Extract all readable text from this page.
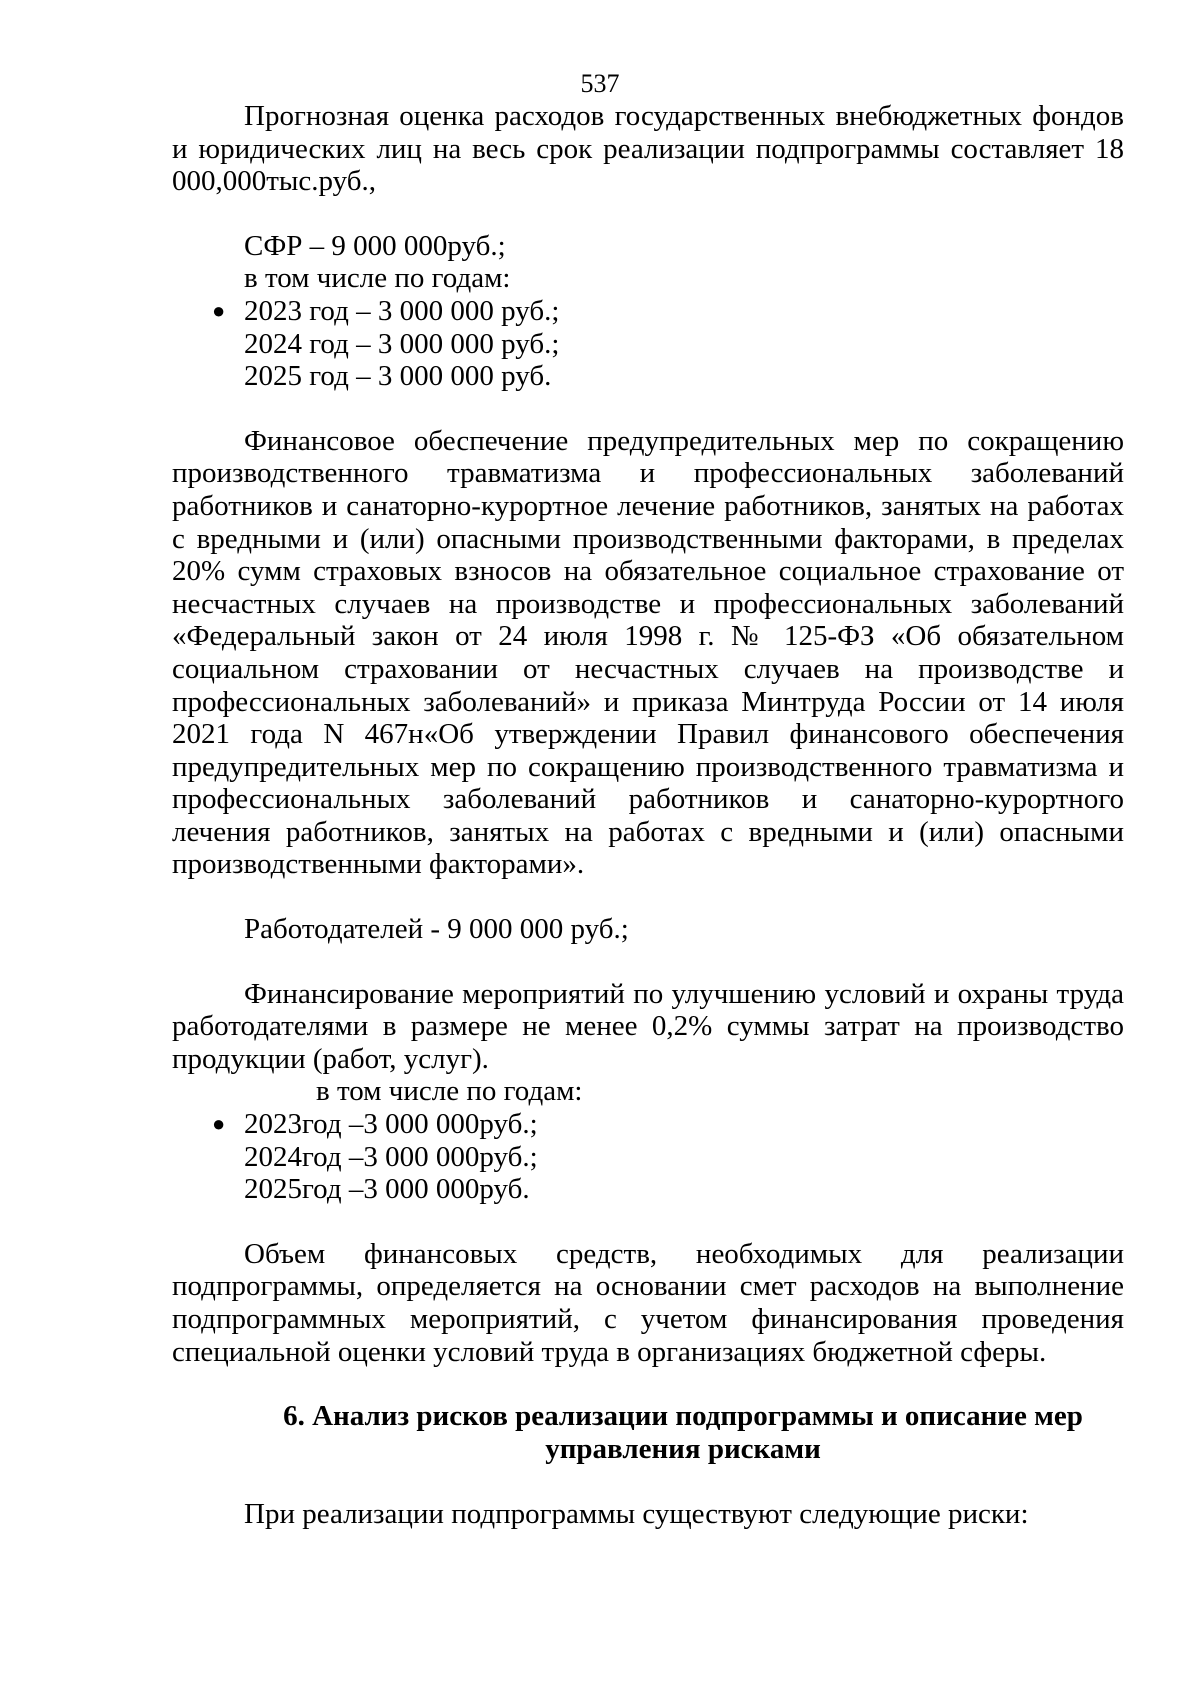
537

Прогнозная оценка расходов государственных внебюджетных фондов и юридических лиц на весь срок реализации подпрограммы составляет 18 000,000тыс.руб.,

СФР – 9 000 000руб.;

в том числе по годам:

● 2023 год – 3 000 000 руб.;

2024 год – 3 000 000 руб.;

2025 год – 3 000 000 руб.

Финансовое обеспечение предупредительных мер по сокращению производственного травматизма и профессиональных заболеваний работников и санаторно-курортное лечение работников, занятых на работах с вредными и (или) опасными производственными факторами, в пределах 20% сумм страховых взносов на обязательное социальное страхование от несчастных случаев на производстве и профессиональных заболеваний «Федеральный закон от 24 июля 1998 г. № 125-ФЗ «Об обязательном социальном страховании от несчастных случаев на производстве и профессиональных заболеваний» и приказа Минтруда России от 14 июля 2021 года N 467н«Об утверждении Правил финансового обеспечения предупредительных мер по сокращению производственного травматизма и профессиональных заболеваний работников и санаторно-курортного лечения работников, занятых на работах с вредными и (или) опасными производственными факторами».

Работодателей - 9 000 000 руб.;

Финансирование мероприятий по улучшению условий и охраны труда работодателями в размере не менее 0,2% суммы затрат на производство продукции (работ, услуг).

в том числе по годам:

● 2023год –3 000 000руб.;

2024год –3 000 000руб.;

2025год –3 000 000руб.

Объем финансовых средств, необходимых для реализации подпрограммы, определяется на основании смет расходов на выполнение подпрограммных мероприятий, с учетом финансирования проведения специальной оценки условий труда в организациях бюджетной сферы.

6. Анализ рисков реализации подпрограммы и описание мер
управления рисками

При реализации подпрограммы существуют следующие риски:
